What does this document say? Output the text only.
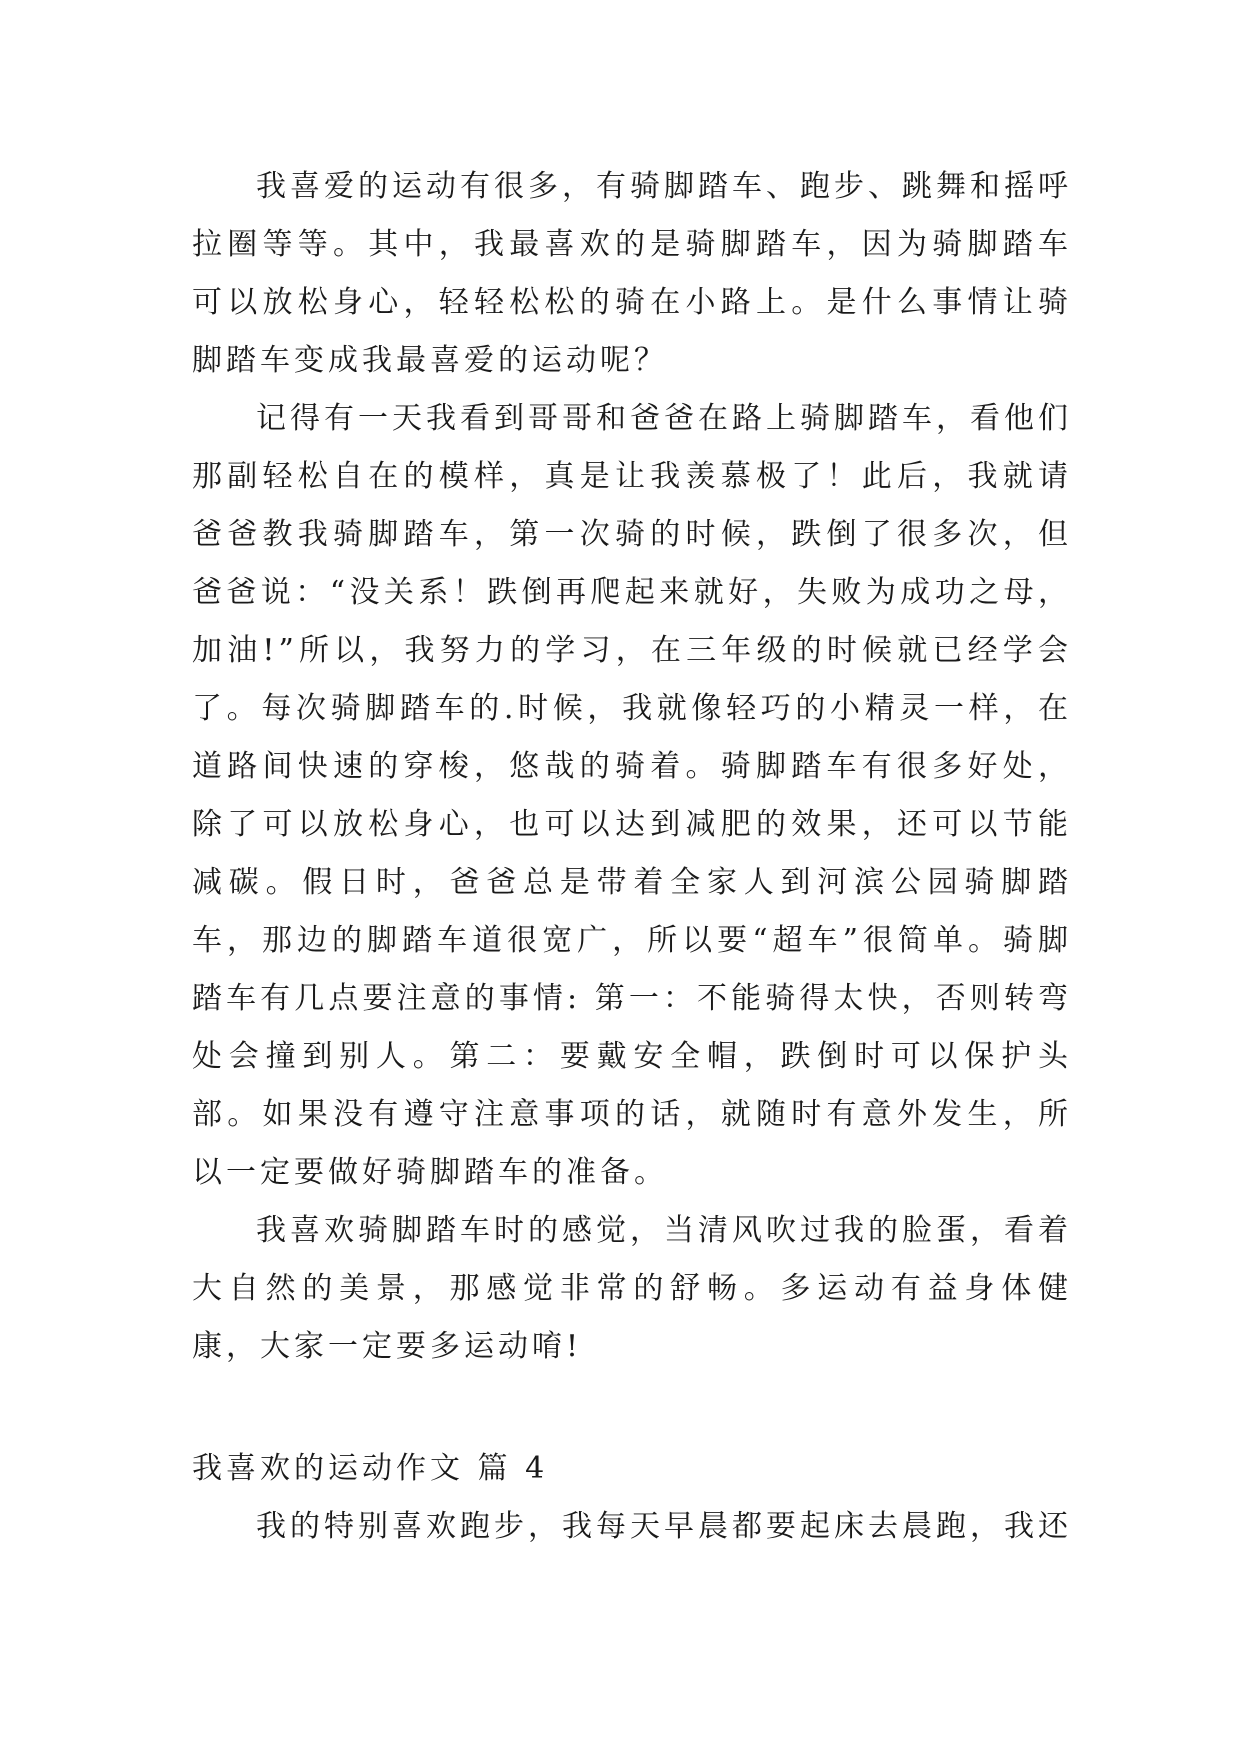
我喜爱的运动有很多，有骑脚踏车、跑步、跳舞和摇呼拉圈等等。其中，我最喜欢的是骑脚踏车，因为骑脚踏车可以放松身心，轻轻松松的骑在小路上。是什么事情让骑脚踏车变成我最喜爱的运动呢？

记得有一天我看到哥哥和爸爸在路上骑脚踏车，看他们那副轻松自在的模样，真是让我羡慕极了！此后，我就请爸爸教我骑脚踏车，第一次骑的时候，跌倒了很多次，但爸爸说：“没关系！跌倒再爬起来就好，失败为成功之母，加油!”所以，我努力的学习，在三年级的时候就已经学会了。每次骑脚踏车的.时候，我就像轻巧的小精灵一样，在道路间快速的穿梭，悠哉的骑着。骑脚踏车有很多好处，除了可以放松身心，也可以达到减肥的效果，还可以节能减碳。假日时，爸爸总是带着全家人到河滨公园骑脚踏车，那边的脚踏车道很宽广，所以要“超车”很简单。骑脚踏车有几点要注意的事情: 第一：不能骑得太快，否则转弯处会撞到别人。第二：要戴安全帽，跌倒时可以保护头部。如果没有遵守注意事项的话，就随时有意外发生，所以一定要做好骑脚踏车的准备。

我喜欢骑脚踏车时的感觉，当清风吹过我的脸蛋，看着大自然的美景，那感觉非常的舒畅。多运动有益身体健康，大家一定要多运动唷!

我喜欢的运动作文 篇 4

我的特别喜欢跑步，我每天早晨都要起床去晨跑，我还
